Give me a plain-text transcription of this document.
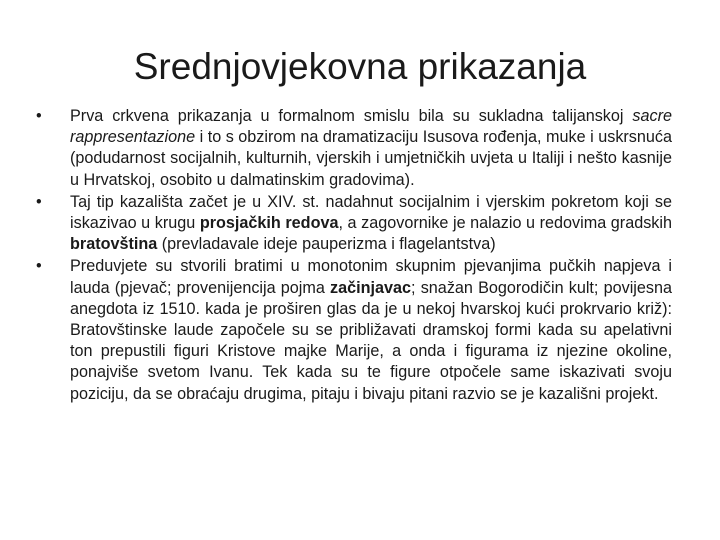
Srednjovjekovna prikazanja
•	Prva crkvena prikazanja u formalnom smislu bila su sukladna talijanskoj sacre rappresentazione i to s obzirom na dramatizaciju Isusova rođenja, muke i uskrsnuća (podudarnost socijalnih, kulturnih, vjerskih i umjetničkih uvjeta u Italiji i nešto kasnije u Hrvatskoj, osobito u dalmatinskim gradovima).
•	Taj tip kazališta začet je u XIV. st. nadahnut socijalnim i vjerskim pokretom koji se iskazivao u krugu prosjačkih redova, a zagovornike je nalazio u redovima gradskih bratovština (prevladavale ideje pauperizma i flagelantstva)
•	Preduvjete su stvorili bratimi u monotonim skupnim pjevanjima pučkih napjeva i lauda (pjevač; provenijencija pojma začinjavac; snažan Bogorodičin kult; povijesna anegdota iz 1510. kada je proširen glas da je u nekoj hvarskoj kući prokrvario križ): Bratovštinske laude započele su se približavati dramskoj formi kada su apelativni ton prepustili figuri Kristove majke Marije, a onda i figurama iz njezine okoline, ponajviše svetom Ivanu. Tek kada su te figure otpočele same iskazivati svoju poziciju, da se obraćaju drugima, pitaju i bivaju pitani razvio se je kazališni projekt.
